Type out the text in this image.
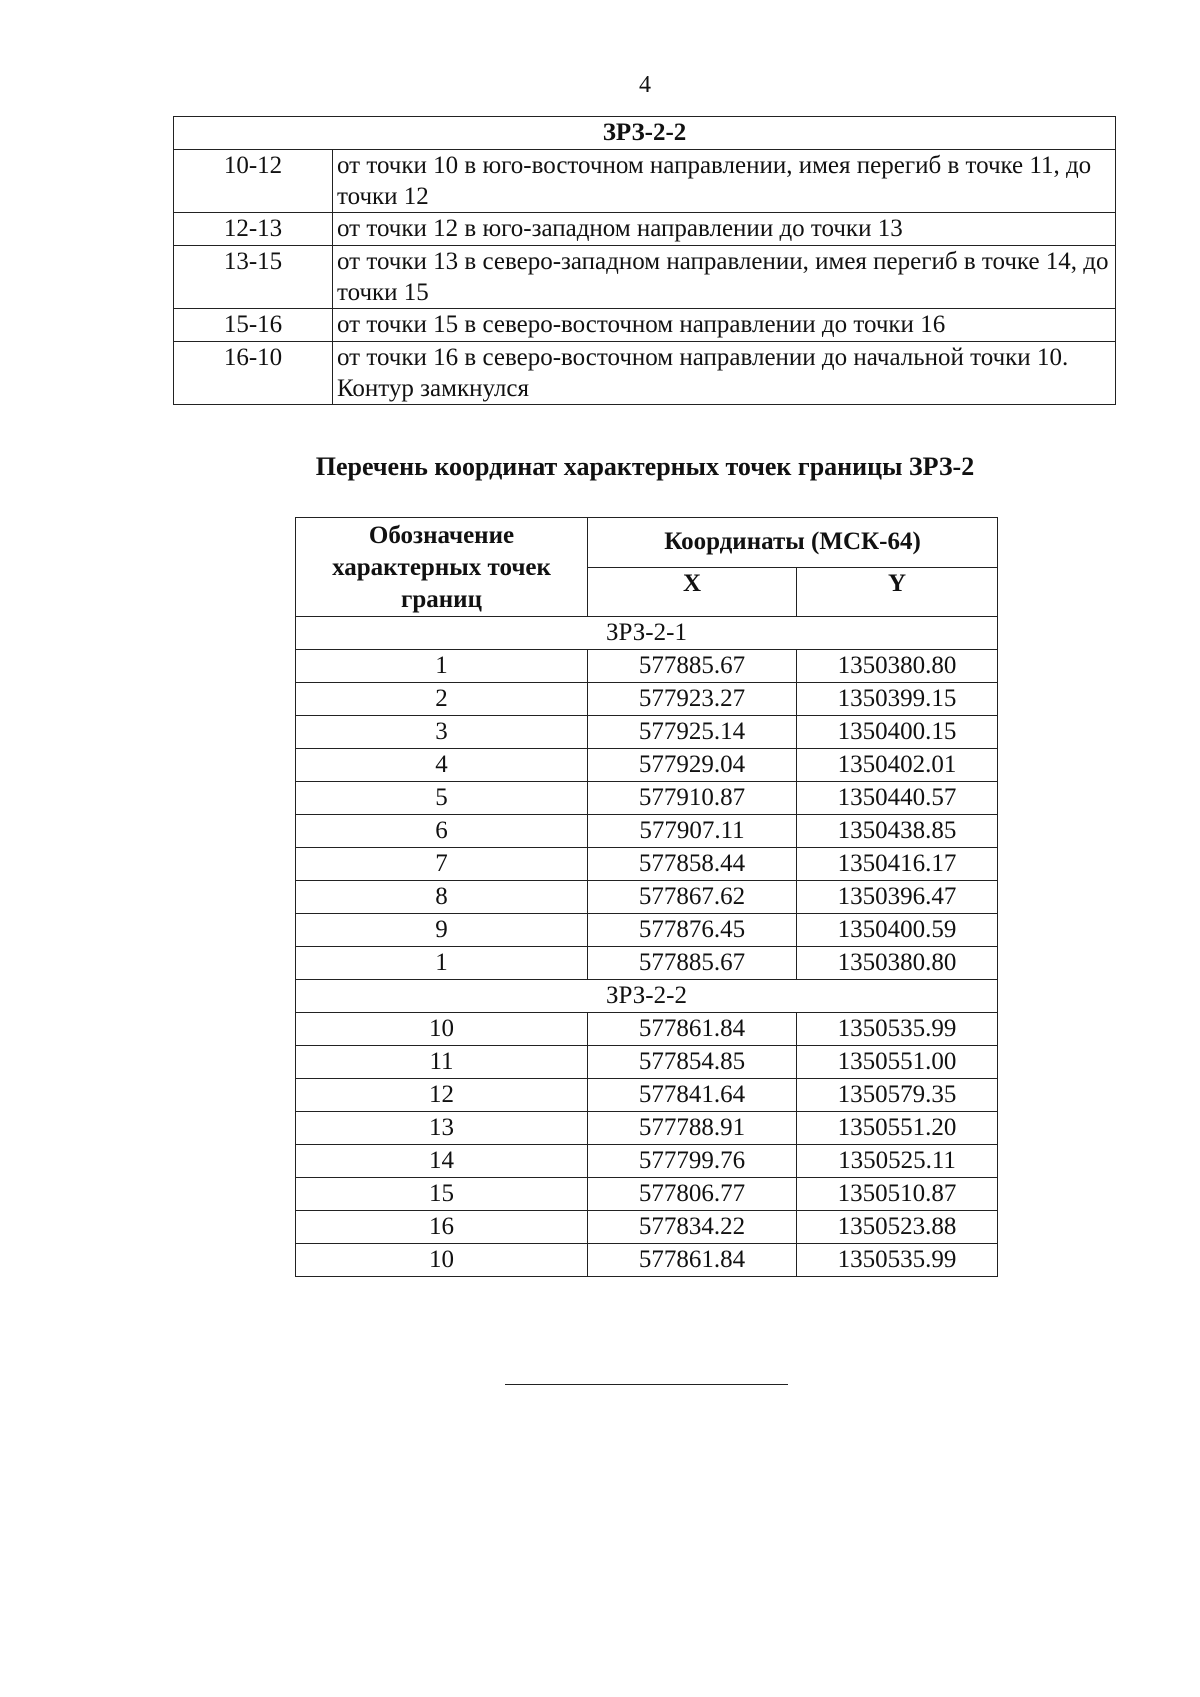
4
ЗРЗ-2-2	
10-12	от точки 10 в юго-восточном направлении, имея перегиб в точке 11, до точки 12
12-13	от точки 12 в юго-западном направлении до точки 13
13-15	от точки 13 в северо-западном направлении, имея перегиб в точке 14, до точки 15
15-16	от точки 15 в северо-восточном направлении до точки 16
16-10	от точки 16 в северо-восточном направлении до начальной точки 10. Контур замкнулся
Перечень координат характерных точек границы ЗРЗ-2
Обозначение характерных точек границ	Координаты (МСК-64)	
	X	Y
ЗРЗ-2-1		
1	577885.67	1350380.80
2	577923.27	1350399.15
3	577925.14	1350400.15
4	577929.04	1350402.01
5	577910.87	1350440.57
6	577907.11	1350438.85
7	577858.44	1350416.17
8	577867.62	1350396.47
9	577876.45	1350400.59
1	577885.67	1350380.80
ЗРЗ-2-2		
10	577861.84	1350535.99
11	577854.85	1350551.00
12	577841.64	1350579.35
13	577788.91	1350551.20
14	577799.76	1350525.11
15	577806.77	1350510.87
16	577834.22	1350523.88
10	577861.84	1350535.99
